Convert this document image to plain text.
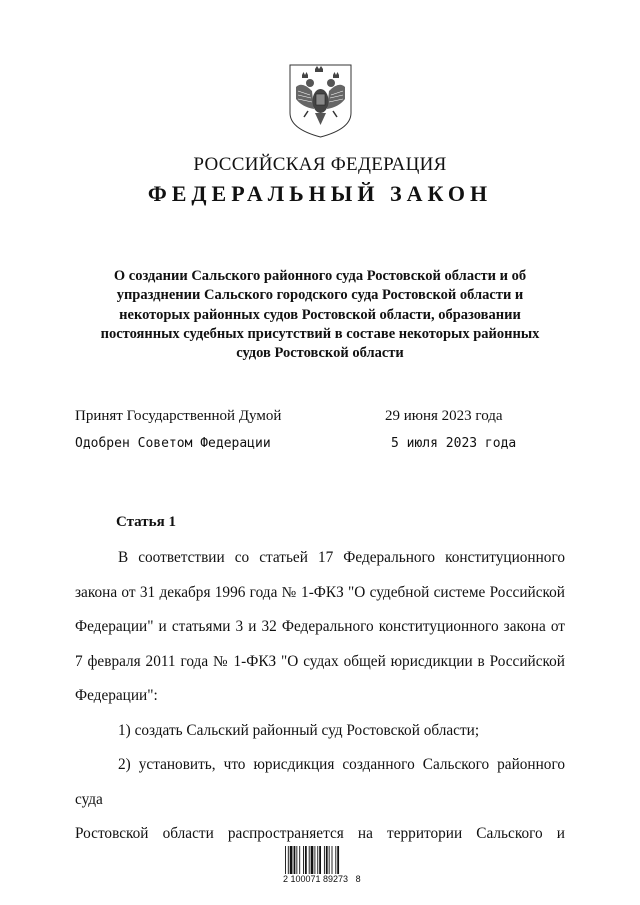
РОССИЙСКАЯ ФЕДЕРАЦИЯ
ФЕДЕРАЛЬНЫЙ ЗАКОН
О создании Сальского районного суда Ростовской области и об
упразднении Сальского городского суда Ростовской области и
некоторых районных судов Ростовской области, образовании
постоянных судебных присутствий в составе некоторых районных
судов Ростовской области
Принят Государственной Думой	29 июня 2023 года
Одобрен Советом Федерации	5 июля 2023 года
Статья 1

В соответствии со статьей 17 Федерального конституционного

закона от 31 декабря 1996 года № 1-ФКЗ "О судебной системе Российской

Федерации" и статьями 3 и 32 Федерального конституционного закона от

7 февраля 2011 года № 1-ФКЗ "О судах общей юрисдикции в Российской

Федерации":

1) создать Сальский районный суд Ростовской области;

2) установить, что юрисдикция созданного Сальского районного суда

Ростовской области распространяется на территории Сальского и

2 100071 89273   8
